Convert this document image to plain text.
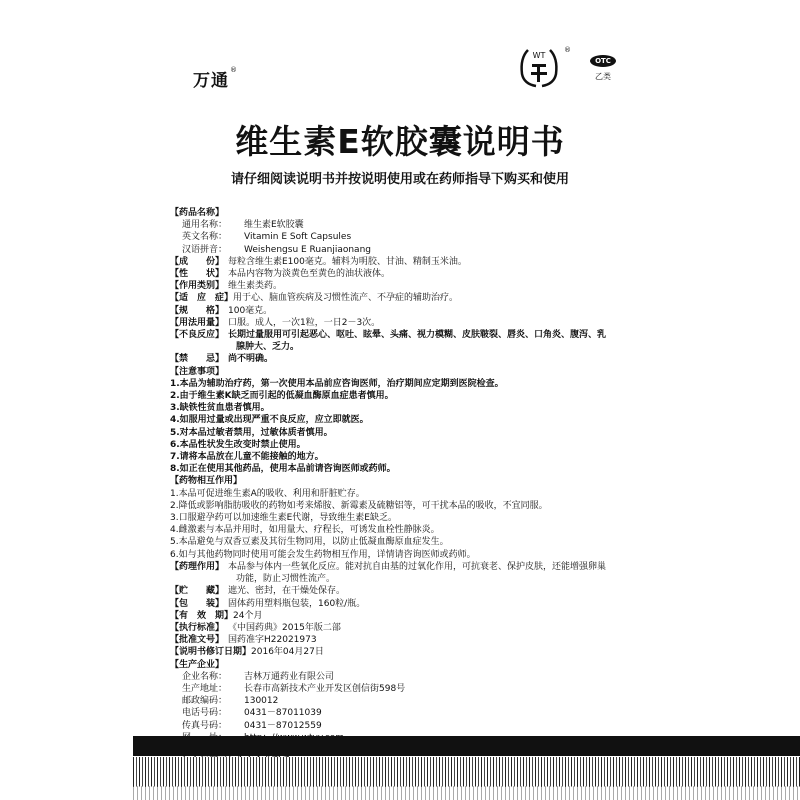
万通®
WT
®
OTC
乙类
维生素E软胶囊说明书
请仔细阅读说明书并按说明使用或在药师指导下购买和使用
【药品名称】
通用名称： 维生素E软胶囊
英文名称： Vitamin E Soft Capsules
汉语拼音： Weishengsu E Ruanjiaonang
【成　　份】 每粒含维生素E100毫克。辅料为明胶、甘油、精制玉米油。
【性　　状】 本品内容物为淡黄色至黄色的油状液体。
【作用类别】 维生素类药。
【适　应　症】用于心、脑血管疾病及习惯性流产、不孕症的辅助治疗。
【规　　格】 100毫克。
【用法用量】 口服。成人，一次1粒，一日2－3次。
【不良反应】 长期过量服用可引起恶心、呕吐、眩晕、头痛、视力模糊、皮肤皲裂、唇炎、口角炎、腹泻、乳
腺肿大、乏力。
【禁　　忌】 尚不明确。
【注意事项】
1.本品为辅助治疗药，第一次使用本品前应咨询医师，治疗期间应定期到医院检查。
2.由于维生素K缺乏而引起的低凝血酶原血症患者慎用。
3.缺铁性贫血患者慎用。
4.如服用过量或出现严重不良反应，应立即就医。
5.对本品过敏者禁用，过敏体质者慎用。
6.本品性状发生改变时禁止使用。
7.请将本品放在儿童不能接触的地方。
8.如正在使用其他药品，使用本品前请咨询医师或药师。
【药物相互作用】
1.本品可促进维生素A的吸收、利用和肝脏贮存。
2.降低或影响脂肪吸收的药物如考来烯胺、新霉素及硫糖铝等，可干扰本品的吸收，不宜同服。
3.口服避孕药可以加速维生素E代谢，导致维生素E缺乏。
4.雌激素与本品并用时，如用量大、疗程长，可诱发血栓性静脉炎。
5.本品避免与双香豆素及其衍生物同用，以防止低凝血酶原血症发生。
6.如与其他药物同时使用可能会发生药物相互作用，详情请咨询医师或药师。
【药理作用】 本品参与体内一些氧化反应。能对抗自由基的过氧化作用，可抗衰老、保护皮肤，还能增强卵巢
功能，防止习惯性流产。
【贮　　藏】 遮光、密封，在干燥处保存。
【包　　装】 固体药用塑料瓶包装，160粒/瓶。
【有　效　期】24个月
【执行标准】 《中国药典》2015年版二部
【批准文号】 国药准字H22021973
【说明书修订日期】2016年04月27日
【生产企业】
企业名称： 吉林万通药业有限公司
生产地址： 长春市高新技术产业开发区创信街598号
邮政编码： 130012
电话号码： 0431－87011039
传真号码： 0431－87012559
